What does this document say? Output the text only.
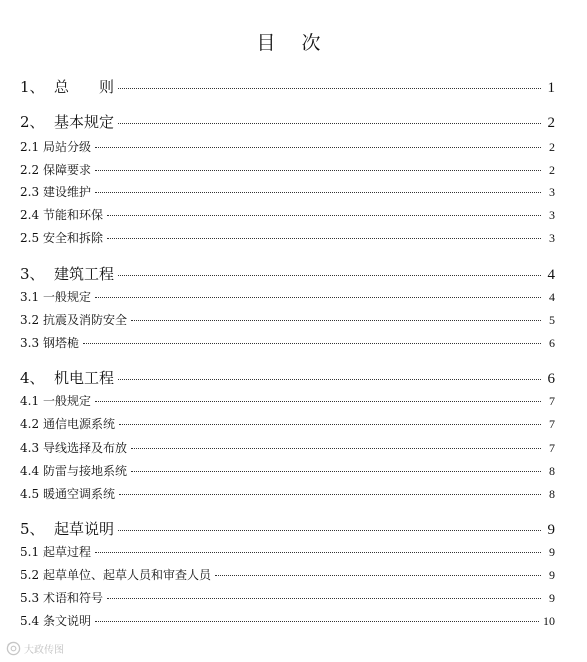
目 次
1、 总　　则	1
2、 基本规定	2
2.1 局站分级	2
2.2 保障要求	2
2.3 建设维护	3
2.4 节能和环保	3
2.5 安全和拆除	3
3、 建筑工程	4
3.1 一般规定	4
3.2 抗震及消防安全	5
3.3 钢塔桅	6
4、 机电工程	6
4.1 一般规定	7
4.2 通信电源系统	7
4.3 导线选择及布放	7
4.4 防雷与接地系统	8
4.5 暖通空调系统	8
5、 起草说明	9
5.1 起草过程	9
5.2 起草单位、起草人员和审查人员	9
5.3 术语和符号	9
5.4 条文说明	10
大政传图
